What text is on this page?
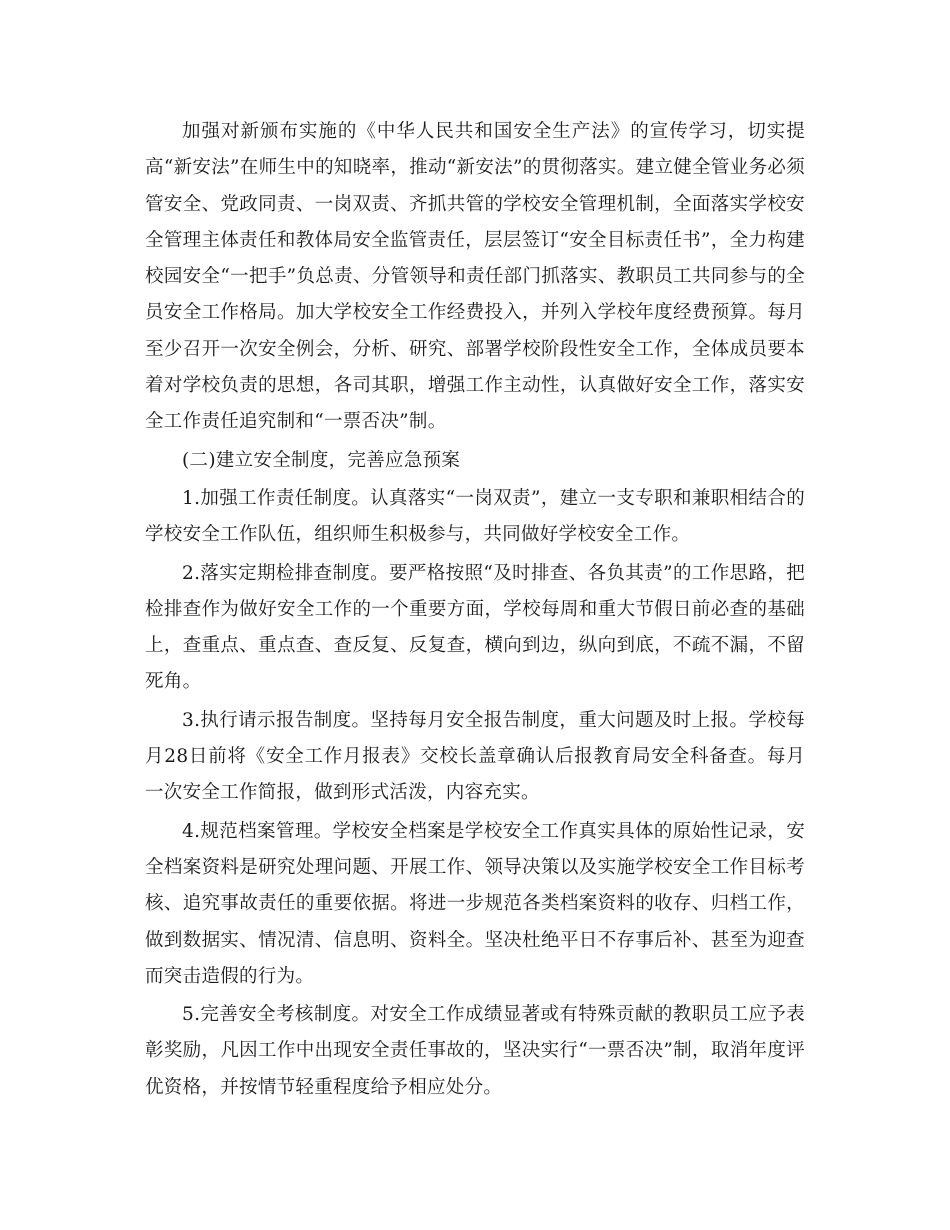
加强对新颁布实施的《中华人民共和国安全生产法》的宣传学习，切实提高“新安法”在师生中的知晓率，推动“新安法”的贯彻落实。建立健全管业务必须管安全、党政同责、一岗双责、齐抓共管的学校安全管理机制，全面落实学校安全管理主体责任和教体局安全监管责任，层层签订“安全目标责任书”，全力构建校园安全“一把手”负总责、分管领导和责任部门抓落实、教职员工共同参与的全员安全工作格局。加大学校安全工作经费投入，并列入学校年度经费预算。每月至少召开一次安全例会，分析、研究、部署学校阶段性安全工作，全体成员要本着对学校负责的思想，各司其职，增强工作主动性，认真做好安全工作，落实安全工作责任追究制和“一票否决”制。

(二)建立安全制度，完善应急预案

1.加强工作责任制度。认真落实“一岗双责”，建立一支专职和兼职相结合的学校安全工作队伍，组织师生积极参与，共同做好学校安全工作。

2.落实定期检排查制度。要严格按照“及时排查、各负其责”的工作思路，把检排查作为做好安全工作的一个重要方面，学校每周和重大节假日前必查的基础上，查重点、重点查、查反复、反复查，横向到边，纵向到底，不疏不漏，不留死角。

3.执行请示报告制度。坚持每月安全报告制度，重大问题及时上报。学校每月28日前将《安全工作月报表》交校长盖章确认后报教育局安全科备查。每月一次安全工作简报，做到形式活泼，内容充实。

4.规范档案管理。学校安全档案是学校安全工作真实具体的原始性记录，安全档案资料是研究处理问题、开展工作、领导决策以及实施学校安全工作目标考核、追究事故责任的重要依据。将进一步规范各类档案资料的收存、归档工作，做到数据实、情况清、信息明、资料全。坚决杜绝平日不存事后补、甚至为迎查而突击造假的行为。

5.完善安全考核制度。对安全工作成绩显著或有特殊贡献的教职员工应予表彰奖励，凡因工作中出现安全责任事故的，坚决实行“一票否决”制，取消年度评优资格，并按情节轻重程度给予相应处分。
